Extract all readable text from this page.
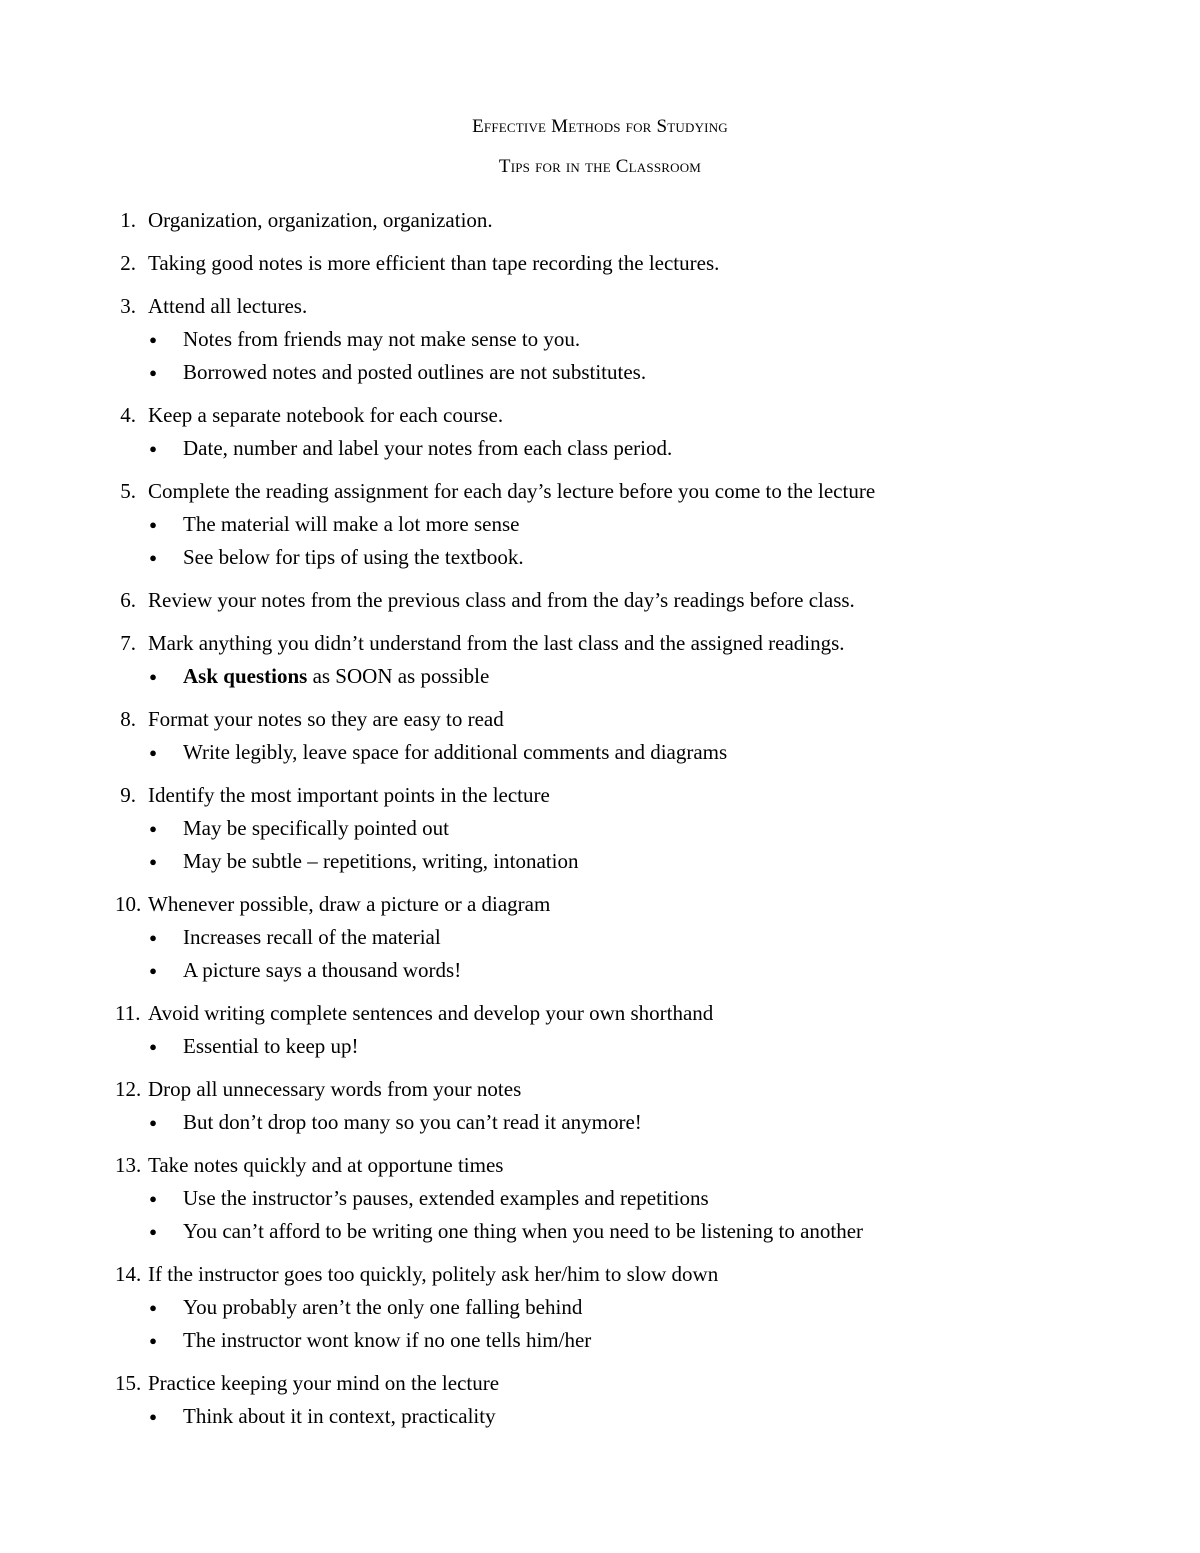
Effective Methods for Studying
Tips for in the Classroom
1. Organization, organization, organization.
2. Taking good notes is more efficient than tape recording the lectures.
3. Attend all lectures.
● Notes from friends may not make sense to you.
● Borrowed notes and posted outlines are not substitutes.
4. Keep a separate notebook for each course.
● Date, number and label your notes from each class period.
5. Complete the reading assignment for each day’s lecture before you come to the lecture
● The material will make a lot more sense
● See below for tips of using the textbook.
6. Review your notes from the previous class and from the day’s readings before class.
7. Mark anything you didn’t understand from the last class and the assigned readings.
● Ask questions as SOON as possible
8. Format your notes so they are easy to read
● Write legibly, leave space for additional comments and diagrams
9. Identify the most important points in the lecture
● May be specifically pointed out
● May be subtle – repetitions, writing, intonation
10. Whenever possible, draw a picture or a diagram
● Increases recall of the material
● A picture says a thousand words!
11. Avoid writing complete sentences and develop your own shorthand
● Essential to keep up!
12. Drop all unnecessary words from your notes
● But don’t drop too many so you can’t read it anymore!
13. Take notes quickly and at opportune times
● Use the instructor’s pauses, extended examples and repetitions
● You can’t afford to be writing one thing when you need to be listening to another
14. If the instructor goes too quickly, politely ask her/him to slow down
● You probably aren’t the only one falling behind
● The instructor wont know if no one tells him/her
15. Practice keeping your mind on the lecture
● Think about it in context, practicality
